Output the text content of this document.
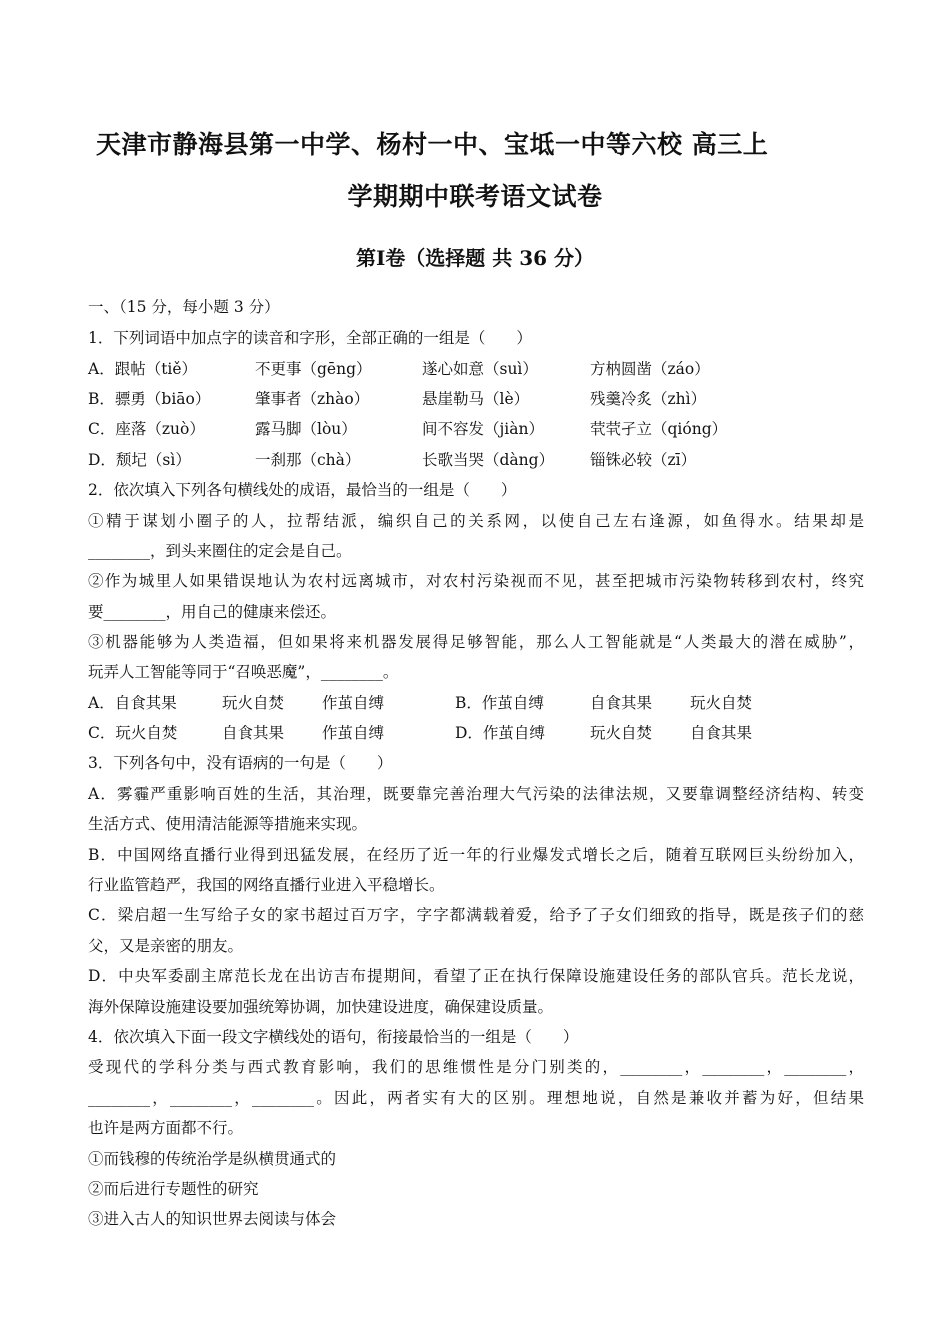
天津市静海县第一中学、杨村一中、宝坻一中等六校 高三上
学期期中联考语文试卷
第Ⅰ卷（选择题 共 36 分）
一、（15 分，每小题 3 分）
1．下列词语中加点字的读音和字形，全部正确的一组是（　　）
A．跟帖（tiě）	不更事（gēng）	遂心如意（suì）	方枘圆凿（záo）
B．骠勇（biāo）	肇事者（zhào）	悬崖勒马（lè）	残羹冷炙（zhì）
C．座落（zuò）	露马脚（lòu）	间不容发（jiàn）	茕茕孑立（qióng）
D．颓圮（sì）	一刹那（chà）	长歌当哭（dàng） 锱铢必较（zī）
2．依次填入下列各句横线处的成语，最恰当的一组是（　　）
①精于谋划小圈子的人，拉帮结派，编织自己的关系网，以使自己左右逢源，如鱼得水。结果却是
________，到头来圈住的定会是自己。
②作为城里人如果错误地认为农村远离城市，对农村污染视而不见，甚至把城市污染物转移到农村，终究
要________，用自己的健康来偿还。
③机器能够为人类造福，但如果将来机器发展得足够智能，那么人工智能就是“人类最大的潜在威胁”，
玩弄人工智能等同于“召唤恶魔”，________。
A．自食其果	玩火自焚 作茧自缚	B．作茧自缚	自食其果 玩火自焚
C．玩火自焚	自食其果 作茧自缚	D．作茧自缚	玩火自焚 自食其果
3．下列各句中，没有语病的一句是（　　）
A．雾霾严重影响百姓的生活，其治理，既要靠完善治理大气污染的法律法规，又要靠调整经济结构、转变
生活方式、使用清洁能源等措施来实现。
B．中国网络直播行业得到迅猛发展，在经历了近一年的行业爆发式增长之后，随着互联网巨头纷纷加入，
行业监管趋严，我国的网络直播行业进入平稳增长。
C．梁启超一生写给子女的家书超过百万字，字字都满载着爱，给予了子女们细致的指导，既是孩子们的慈
父，又是亲密的朋友。
D．中央军委副主席范长龙在出访吉布提期间，看望了正在执行保障设施建设任务的部队官兵。范长龙说，
海外保障设施建设要加强统筹协调，加快建设进度，确保建设质量。
4．依次填入下面一段文字横线处的语句，衔接最恰当的一组是（　　）
受现代的学科分类与西式教育影响，我们的思维惯性是分门别类的，________，________，________，
________，________，________。因此，两者实有大的区别。理想地说，自然是兼收并蓄为好，但结果
也许是两方面都不行。
①而钱穆的传统治学是纵横贯通式的
②而后进行专题性的研究
③进入古人的知识世界去阅读与体会
